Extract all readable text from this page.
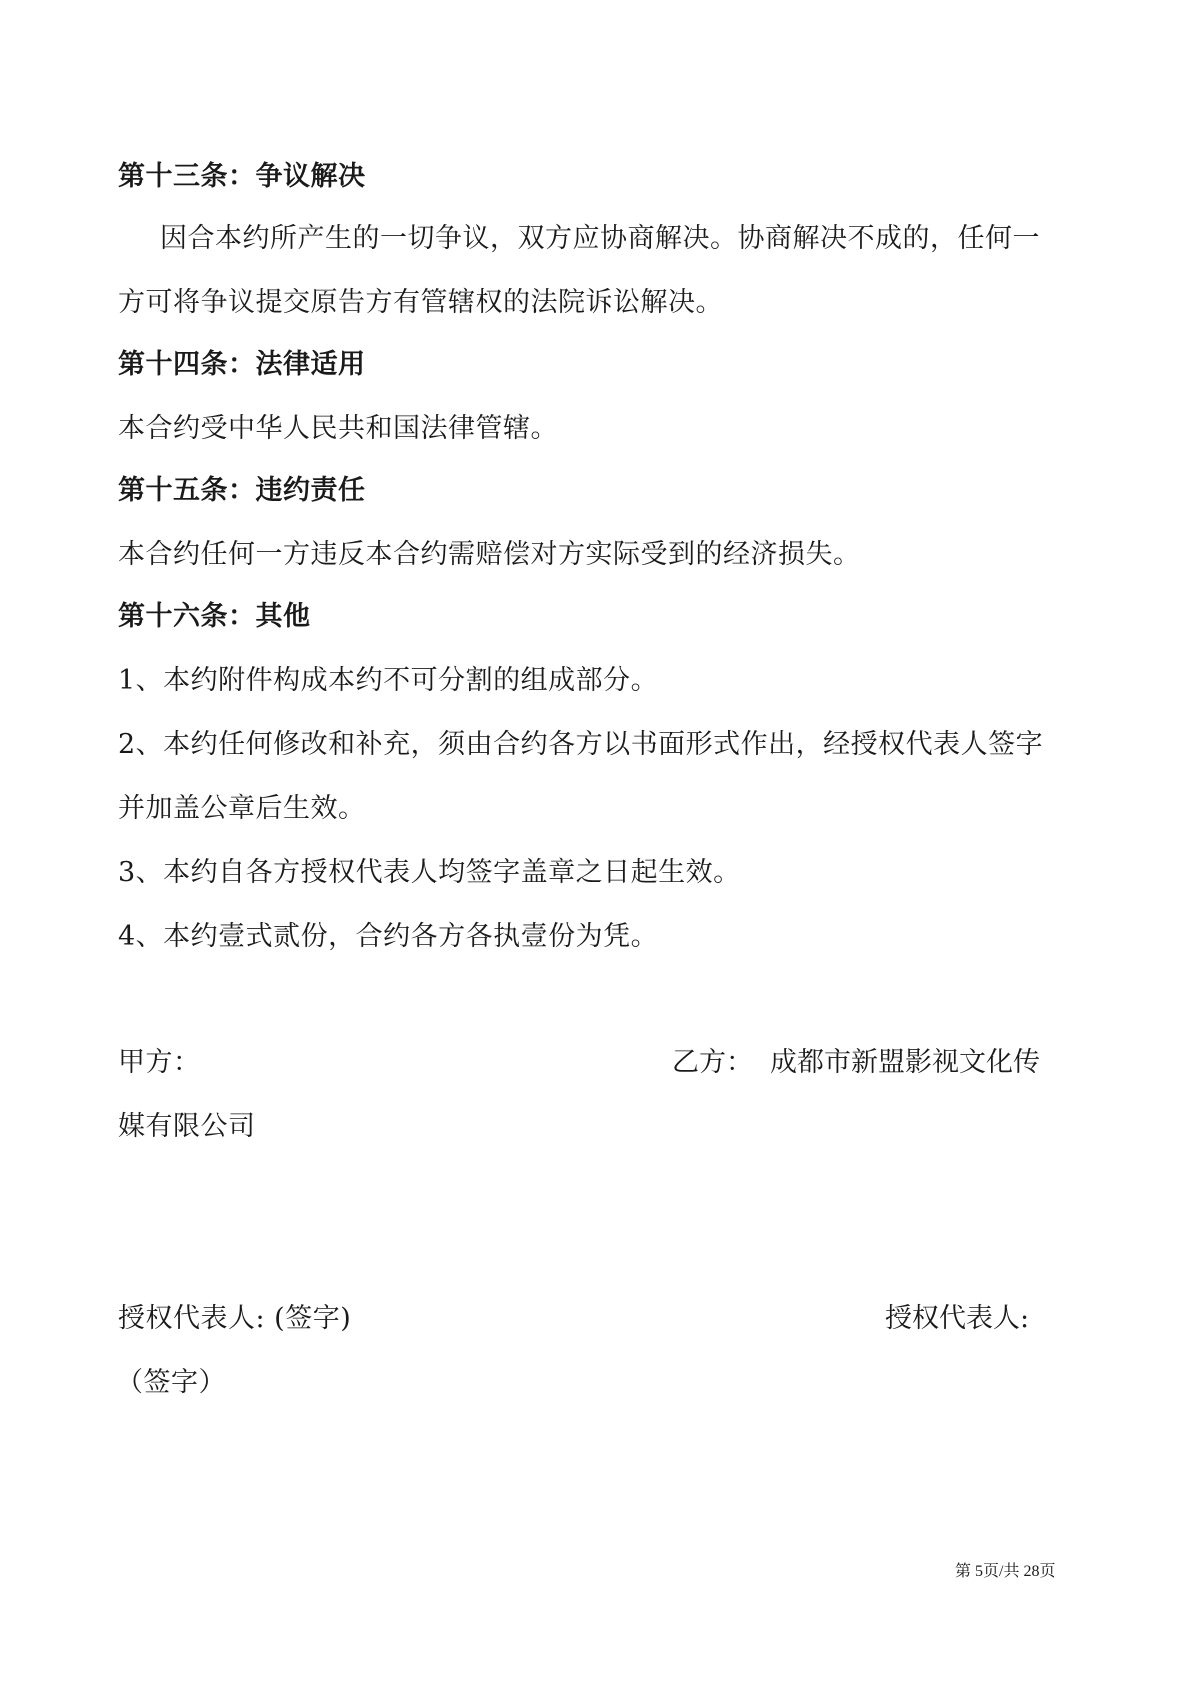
第十三条：争议解决
因合本约所产生的一切争议，双方应协商解决。协商解决不成的，任何一
方可将争议提交原告方有管辖权的法院诉讼解决。
第十四条：法律适用
本合约受中华人民共和国法律管辖。
第十五条：违约责任
本合约任何一方违反本合约需赔偿对方实际受到的经济损失。
第十六条：其他
1、本约附件构成本约不可分割的组成部分。
2、本约任何修改和补充，须由合约各方以书面形式作出，经授权代表人签字
并加盖公章后生效。
3、本约自各方授权代表人均签字盖章之日起生效。
4、本约壹式贰份，合约各方各执壹份为凭。
甲方：	乙方： 成都市新盟影视文化传
媒有限公司
授权代表人: (签字)	授权代表人:
（签字）
第 5页/共 28页
